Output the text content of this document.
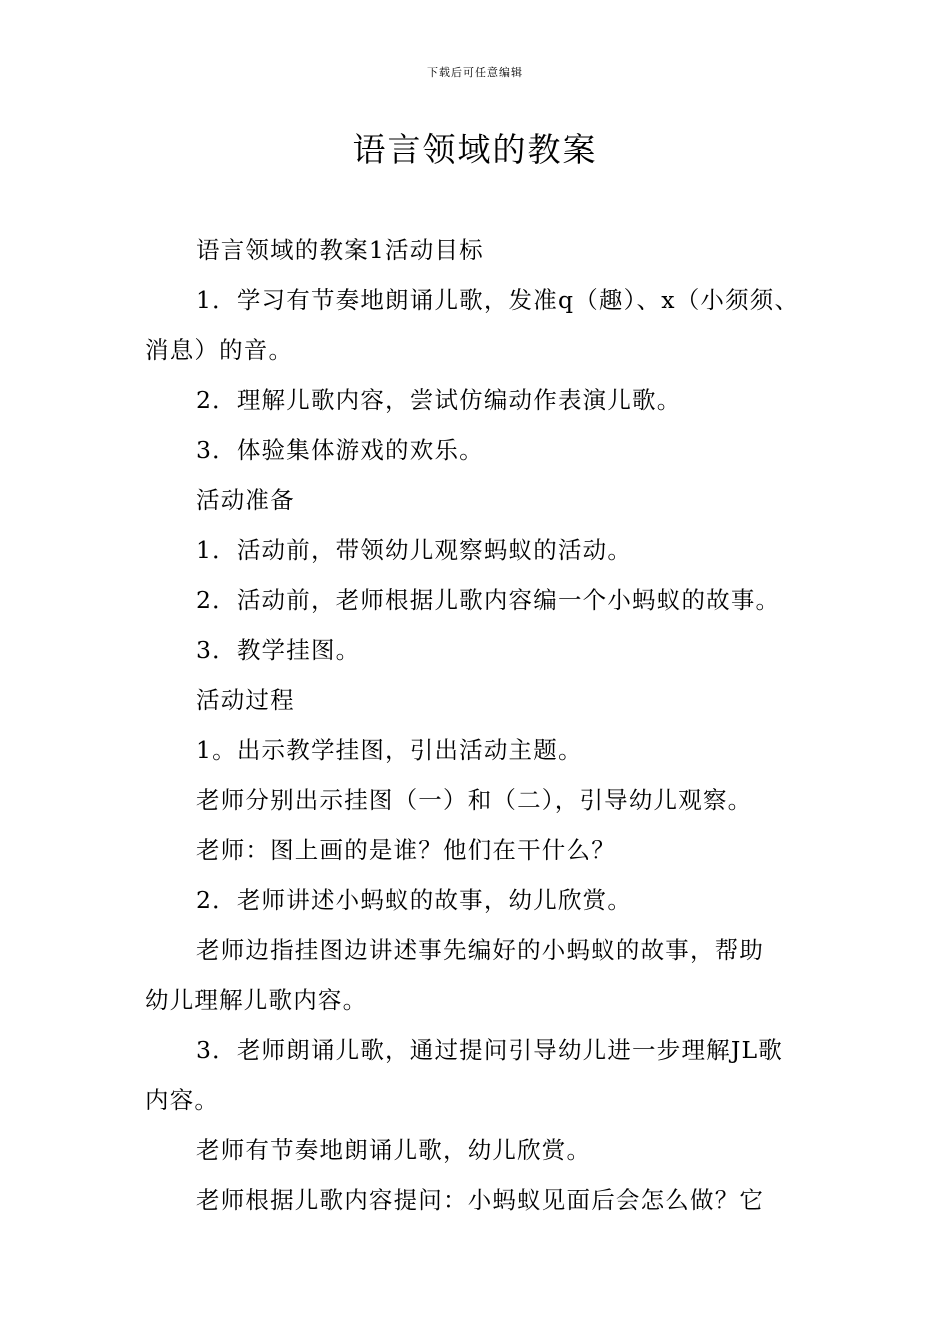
下载后可任意编辑
语言领域的教案

语言领域的教案1活动目标

1．学习有节奏地朗诵儿歌，发准q（趣）、x（小须须、

消息）的音。

2．理解儿歌内容，尝试仿编动作表演儿歌。

3．体验集体游戏的欢乐。

活动准备

1．活动前，带领幼儿观察蚂蚁的活动。

2．活动前，老师根据儿歌内容编一个小蚂蚁的故事。

3．教学挂图。

活动过程

1。出示教学挂图，引出活动主题。

老师分别出示挂图（一）和（二），引导幼儿观察。

老师：图上画的是谁？他们在干什么？

2．老师讲述小蚂蚁的故事，幼儿欣赏。

老师边指挂图边讲述事先编好的小蚂蚁的故事，帮助

幼儿理解儿歌内容。

3．老师朗诵儿歌，通过提问引导幼儿进一步理解JL歌

内容。

老师有节奏地朗诵儿歌，幼儿欣赏。

老师根据儿歌内容提问：小蚂蚁见面后会怎么做？它
